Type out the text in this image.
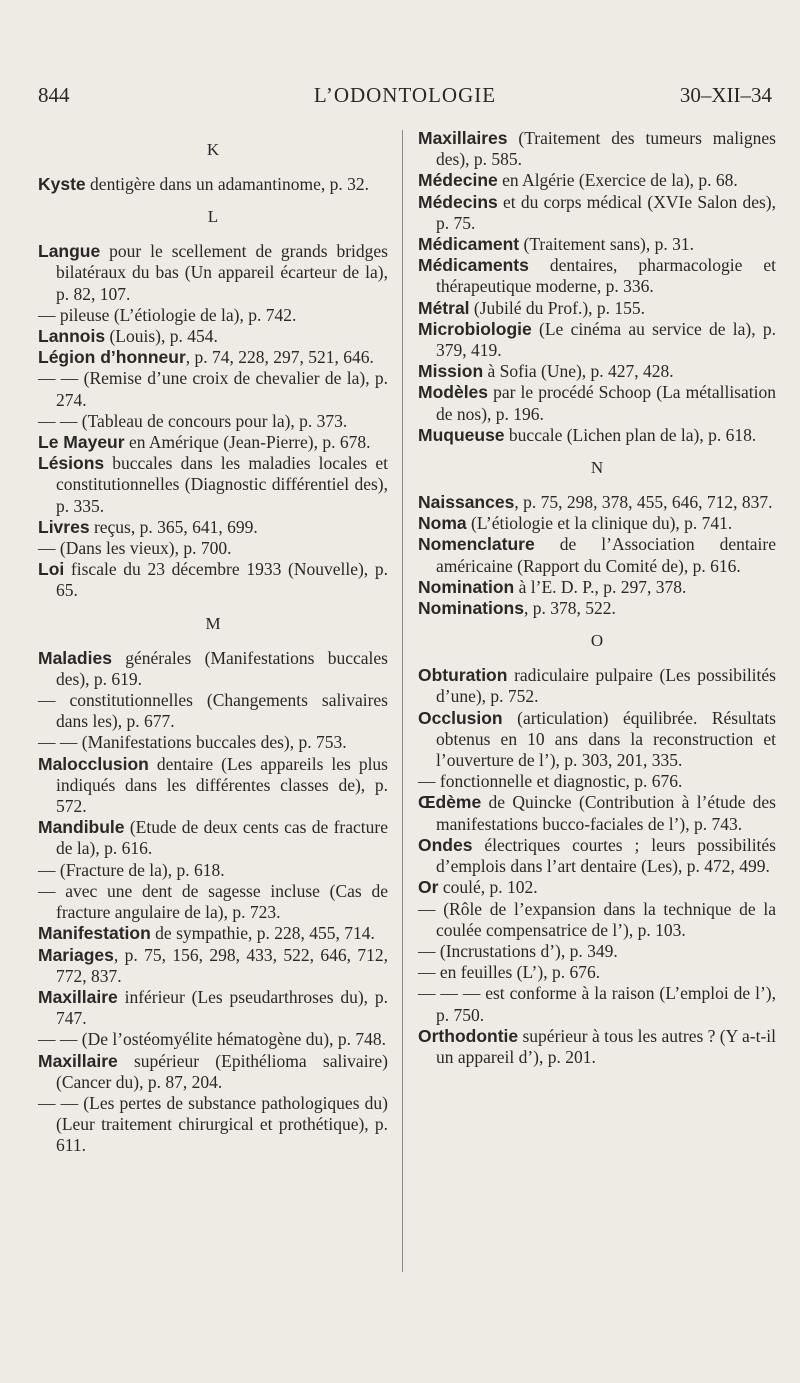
844	L’ODONTOLOGIE	30–XII–34
K

Kyste dentigère dans un adamantinome, p. 32.

L

Langue pour le scellement de grands bridges bilatéraux du bas (Un appareil écarteur de la), p. 82, 107.

— pileuse (L’étiologie de la), p. 742.

Lannois (Louis), p. 454.

Légion d’honneur, p. 74, 228, 297, 521, 646.

— — (Remise d’une croix de chevalier de la), p. 274.

— — (Tableau de concours pour la), p. 373.

Le Mayeur en Amérique (Jean-Pierre), p. 678.

Lésions buccales dans les maladies locales et constitutionnelles (Diagnostic différentiel des), p. 335.

Livres reçus, p. 365, 641, 699.

— (Dans les vieux), p. 700.

Loi fiscale du 23 décembre 1933 (Nouvelle), p. 65.

M

Maladies générales (Manifestations buccales des), p. 619.

— constitutionnelles (Changements salivaires dans les), p. 677.

— — (Manifestations buccales des), p. 753.

Malocclusion dentaire (Les appareils les plus indiqués dans les différentes classes de), p. 572.

Mandibule (Etude de deux cents cas de fracture de la), p. 616.

— (Fracture de la), p. 618.

— avec une dent de sagesse incluse (Cas de fracture angulaire de la), p. 723.

Manifestation de sympathie, p. 228, 455, 714.

Mariages, p. 75, 156, 298, 433, 522, 646, 712, 772, 837.

Maxillaire inférieur (Les pseudarthroses du), p. 747.

— — (De l’ostéomyélite hématogène du), p. 748.

Maxillaire supérieur (Epithélioma salivaire) (Cancer du), p. 87, 204.

— — (Les pertes de substance pathologiques du) (Leur traitement chirurgical et prothétique), p. 611.

Maxillaires (Traitement des tumeurs malignes des), p. 585.

Médecine en Algérie (Exercice de la), p. 68.

Médecins et du corps médical (XVIe Salon des), p. 75.

Médicament (Traitement sans), p. 31.

Médicaments dentaires, pharmacologie et thérapeutique moderne, p. 336.

Métral (Jubilé du Prof.), p. 155.

Microbiologie (Le cinéma au service de la), p. 379, 419.

Mission à Sofia (Une), p. 427, 428.

Modèles par le procédé Schoop (La métallisation de nos), p. 196.

Muqueuse buccale (Lichen plan de la), p. 618.

N

Naissances, p. 75, 298, 378, 455, 646, 712, 837.

Noma (L’étiologie et la clinique du), p. 741.

Nomenclature de l’Association dentaire américaine (Rapport du Comité de), p. 616.

Nomination à l’E. D. P., p. 297, 378.

Nominations, p. 378, 522.

O

Obturation radiculaire pulpaire (Les possibilités d’une), p. 752.

Occlusion (articulation) équilibrée. Résultats obtenus en 10 ans dans la reconstruction et l’ouverture de l’), p. 303, 201, 335.

— fonctionnelle et diagnostic, p. 676.

Œdème de Quincke (Contribution à l’étude des manifestations bucco-faciales de l’), p. 743.

Ondes électriques courtes ; leurs possibilités d’emplois dans l’art dentaire (Les), p. 472, 499.

Or coulé, p. 102.

— (Rôle de l’expansion dans la technique de la coulée compensatrice de l’), p. 103.

— (Incrustations d’), p. 349.

— en feuilles (L’), p. 676.

— — — est conforme à la raison (L’emploi de l’), p. 750.

Orthodontie supérieur à tous les autres ? (Y a-t-il un appareil d’), p. 201.
